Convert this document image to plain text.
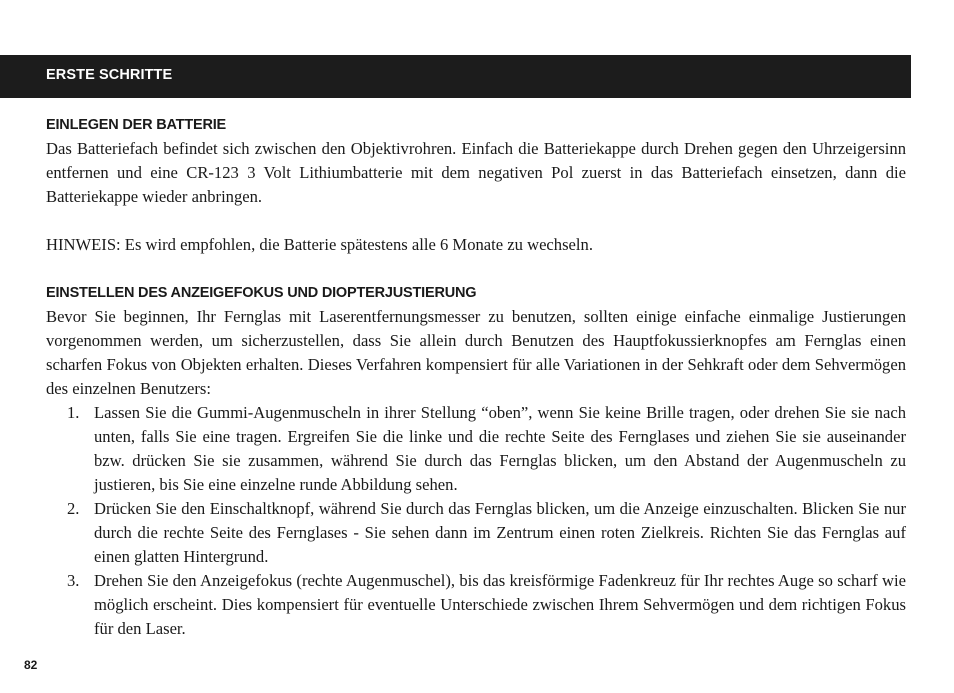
ERSTE SCHRITTE
EINLEGEN DER BATTERIE

Das Batteriefach befindet sich zwischen den Objektivrohren. Einfach die Batteriekappe durch Drehen gegen den Uhrzeigersinn entfernen und eine CR-123 3 Volt Lithiumbatterie mit dem negativen Pol zuerst in das Batteriefach einsetzen, dann die Batteriekappe wieder anbringen.

HINWEIS: Es wird empfohlen, die Batterie spätestens alle 6 Monate zu wechseln.

EINSTELLEN DES ANZEIGEFOKUS UND DIOPTERJUSTIERUNG

Bevor Sie beginnen, Ihr Fernglas mit Laserentfernungsmesser zu benutzen, sollten einige einfache einmalige Justierungen vorgenommen werden, um sicherzustellen, dass Sie allein durch Benutzen des Hauptfokussierknopfes am Fernglas einen scharfen Fokus von Objekten erhalten. Dieses Verfahren kompensiert für alle Variationen in der Sehkraft oder dem Sehvermögen des einzelnen Benutzers:

1. Lassen Sie die Gummi-Augenmuscheln in ihrer Stellung “oben”, wenn Sie keine Brille tragen, oder drehen Sie sie nach unten, falls Sie eine tragen. Ergreifen Sie die linke und die rechte Seite des Fernglases und ziehen Sie sie auseinander bzw. drücken Sie sie zusammen, während Sie durch das Fernglas blicken, um den Abstand der Augenmuscheln zu justieren, bis Sie eine einzelne runde Abbildung sehen.
2. Drücken Sie den Einschaltknopf, während Sie durch das Fernglas blicken, um die Anzeige einzuschalten. Blicken Sie nur durch die rechte Seite des Fernglases - Sie sehen dann im Zentrum einen roten Zielkreis. Richten Sie das Fernglas auf einen glatten Hintergrund.
3. Drehen Sie den Anzeigefokus (rechte Augenmuschel), bis das kreisförmige Fadenkreuz für Ihr rechtes Auge so scharf wie möglich erscheint. Dies kompensiert für eventuelle Unterschiede zwischen Ihrem Sehvermögen und dem richtigen Fokus für den Laser.
82
